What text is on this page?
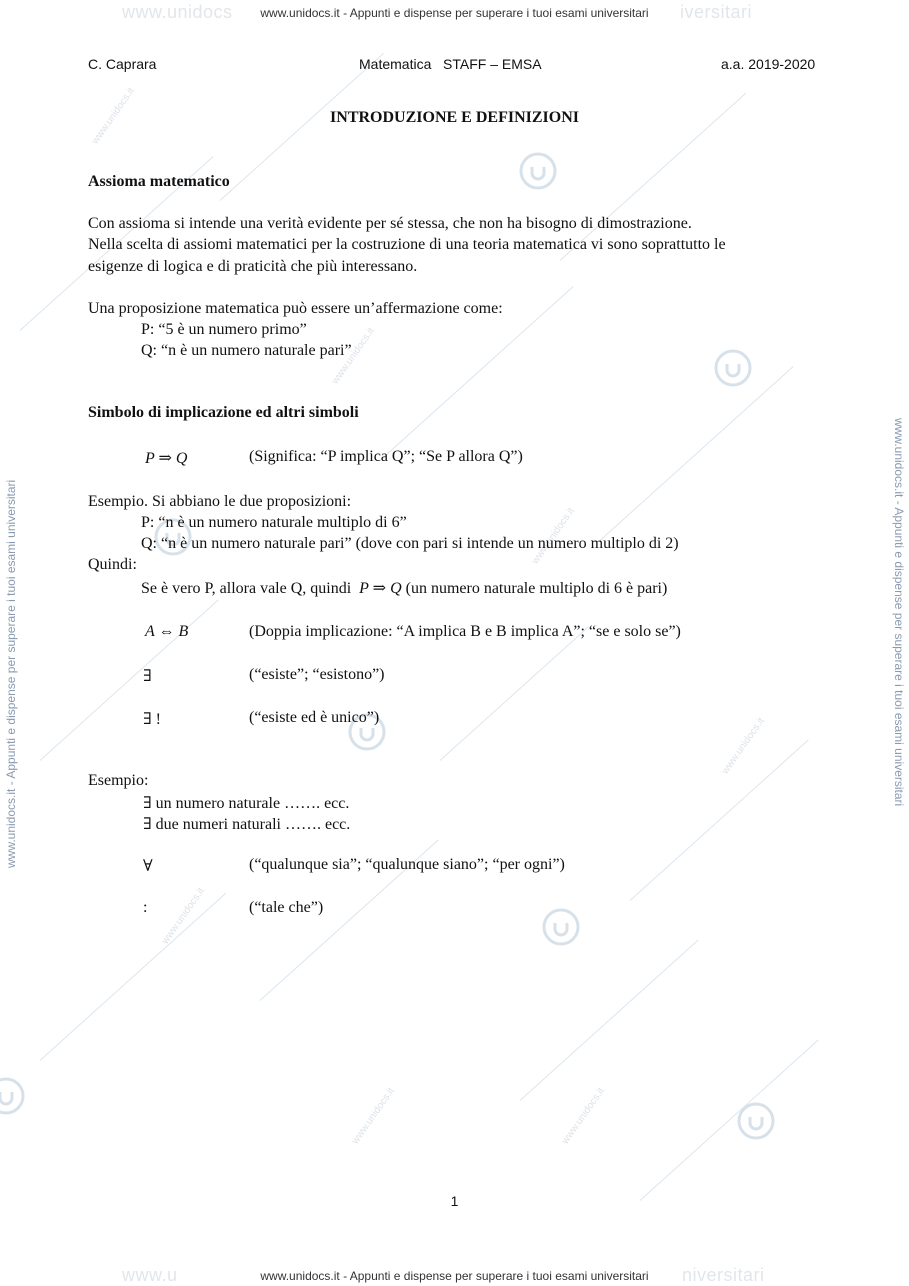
www.unidocs.it
www.unidocs.it
www.unidocs.it
www.unidocs.it
www.unidocs.it
www.unidocs.it	www.unidocs.it
www.unidocs	www.unidocs.it - Appunti e dispense per superare i tuoi esami universitari	iversitari
www.u	www.unidocs.it - Appunti e dispense per superare i tuoi esami universitari	niversitari
www.unidocs.it - Appunti e dispense per superare i tuoi esami universitari	www.unidocs.it - Appunti e dispense per superare i tuoi esami universitari
C. Caprara	Matematica   STAFF – EMSA	a.a. 2019-2020
INTRODUZIONE E DEFINIZIONI
Assioma matematico
Con assioma si intende una verità evidente per sé stessa, che non ha bisogno di dimostrazione.
Nella scelta di assiomi matematici per la costruzione di una teoria matematica vi sono soprattutto le
esigenze di logica e di praticità che più interessano.
Una proposizione matematica può essere un’affermazione come:
P: “5 è un numero primo”
Q: “n è un numero naturale pari”
Simbolo di implicazione ed altri simboli
P ⇒ Q	(Significa: “P implica Q”; “Se P allora Q”)
Esempio. Si abbiano le due proposizioni:
P: “n è un numero naturale multiplo di 6”
Q: “n è un numero naturale pari” (dove con pari si intende un numero multiplo di 2)
Quindi:
Se è vero P, allora vale Q, quindi P ⇒ Q (un numero naturale multiplo di 6 è pari)
A ⇔ B	(Doppia implicazione: “A implica B e B implica A”; “se e solo se”)
∃	(“esiste”; “esistono”)
∃ !	(“esiste ed è unico”)
Esempio:
∃ un numero naturale ……. ecc.
∃ due numeri naturali ……. ecc.
∀	(“qualunque sia”; “qualunque siano”; “per ogni”)
:	(“tale che”)
1
